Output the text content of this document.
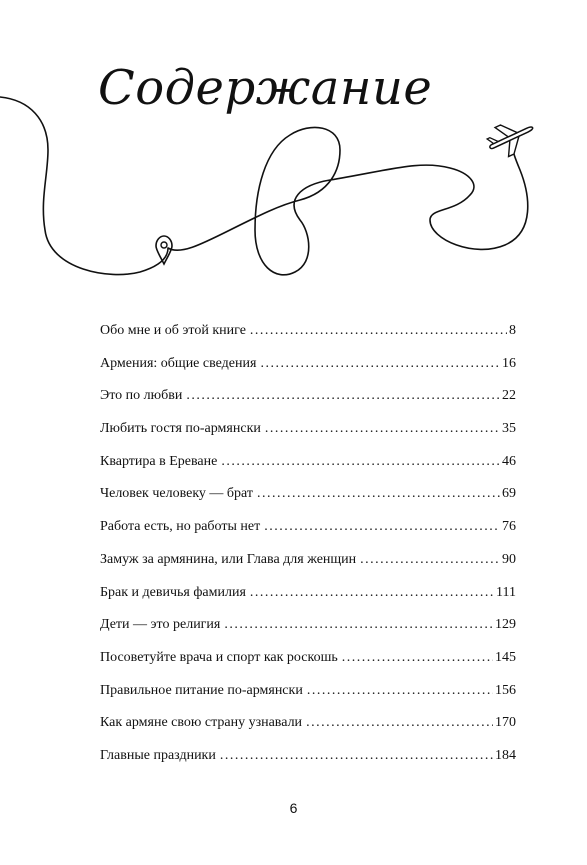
Содержание
Обо мне и об этой книге . . .	8
Армения: общие сведения . . .	16
Это по любви . . .	22
Любить гостя по-армянски . . .	35
Квартира в Ереване . . .	46
Человек человеку — брат . . .	69
Работа есть, но работы нет . . .	76
Замуж за армянина, или Глава для женщин . . .	90
Брак и девичья фамилия . . .	111
Дети — это религия . . .	129
Посоветуйте врача и спорт как роскошь . . .	145
Правильное питание по-армянски . . .	156
Как армяне свою страну узнавали . . .	170
Главные праздники . . .	184
6
